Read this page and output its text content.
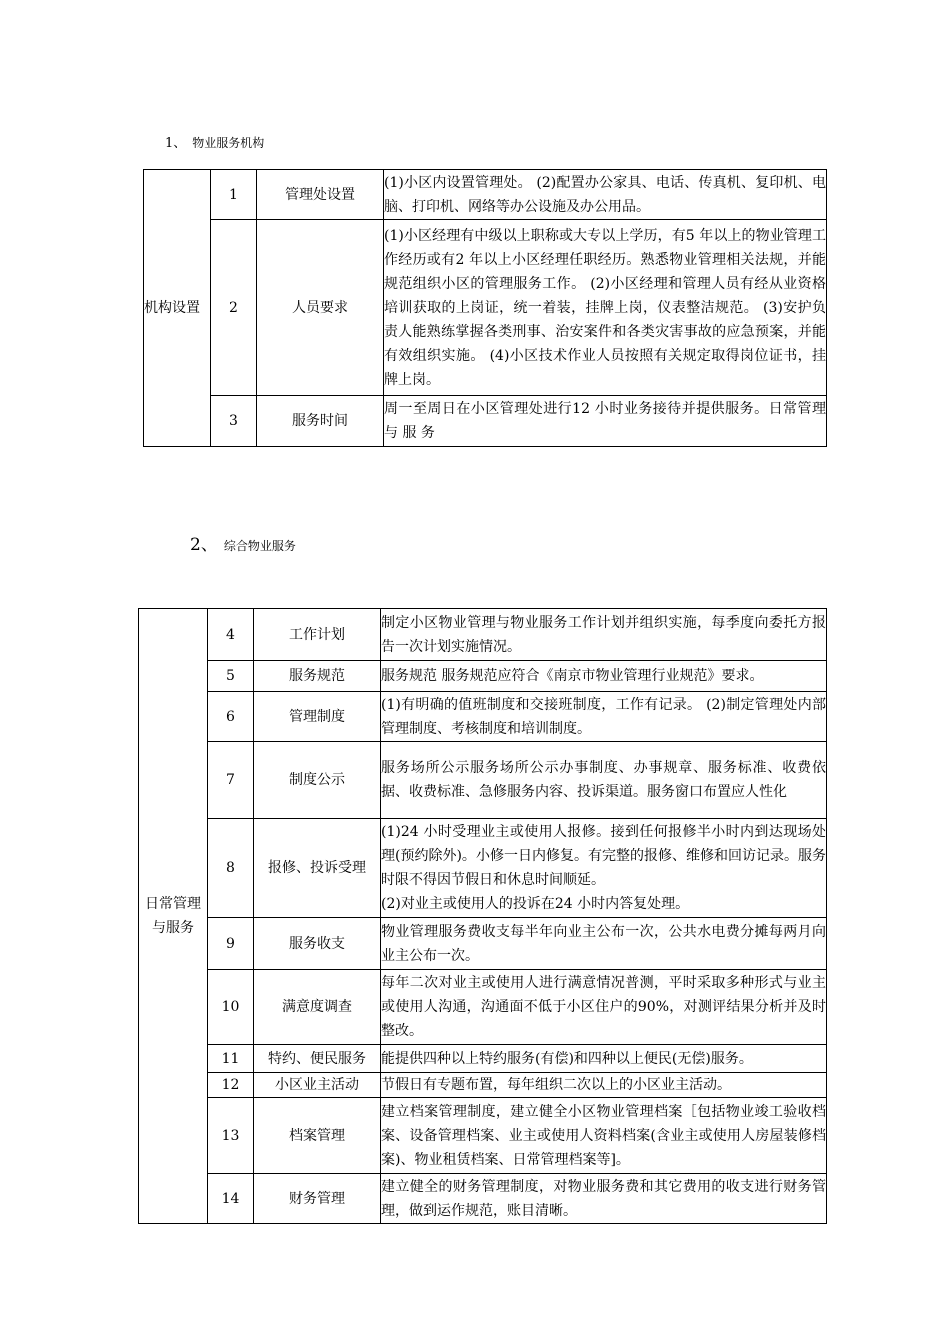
1、 物业服务机构
机构设置	1	管理处设置	(1)小区内设置管理处。 (2)配置办公家具、电话、传真机、复印机、电脑、打印机、网络等办公设施及办公用品。
	2	人员要求	(1)小区经理有中级以上职称或大专以上学历，有5 年以上的物业管理工作经历或有2 年以上小区经理任职经历。熟悉物业管理相关法规，并能规范组织小区的管理服务工作。 (2)小区经理和管理人员有经从业资格培训获取的上岗证，统一着装，挂牌上岗，仪表整洁规范。 (3)安护负责人能熟练掌握各类刑事、治安案件和各类灾害事故的应急预案，并能有效组织实施。 (4)小区技术作业人员按照有关规定取得岗位证书，挂牌上岗。
	3	服务时间	周一至周日在小区管理处进行12 小时业务接待并提供服务。日常管理与 服 务
2、 综合物业服务
日常管理与服务	4	工作计划	制定小区物业管理与物业服务工作计划并组织实施，每季度向委托方报告一次计划实施情况。
	5	服务规范	服务规范 服务规范应符合《南京市物业管理行业规范》要求。
	6	管理制度	(1)有明确的值班制度和交接班制度，工作有记录。 (2)制定管理处内部管理制度、考核制度和培训制度。
	7	制度公示	服务场所公示服务场所公示办事制度、办事规章、服务标准、收费依据、收费标准、急修服务内容、投诉渠道。服务窗口布置应人性化
	8	报修、投诉受理	(1)24 小时受理业主或使用人报修。接到任何报修半小时内到达现场处理(预约除外)。小修一日内修复。有完整的报修、维修和回访记录。服务时限不得因节假日和休息时间顺延。
(2)对业主或使用人的投诉在24 小时内答复处理。

	9	服务收支	物业管理服务费收支每半年向业主公布一次，公共水电费分摊每两月向业主公布一次。
	10	满意度调查	每年二次对业主或使用人进行满意情况普测，平时采取多种形式与业主或使用人沟通，沟通面不低于小区住户的90%，对测评结果分析并及时整改。
	11	特约、便民服务	能提供四种以上特约服务(有偿)和四种以上便民(无偿)服务。
	12	小区业主活动	节假日有专题布置，每年组织二次以上的小区业主活动。
	13	档案管理	建立档案管理制度，建立健全小区物业管理档案［包括物业竣工验收档案、设备管理档案、业主或使用人资料档案(含业主或使用人房屋装修档案)、物业租赁档案、日常管理档案等]。
	14	财务管理	建立健全的财务管理制度，对物业服务费和其它费用的收支进行财务管理，做到运作规范，账目清晰。
